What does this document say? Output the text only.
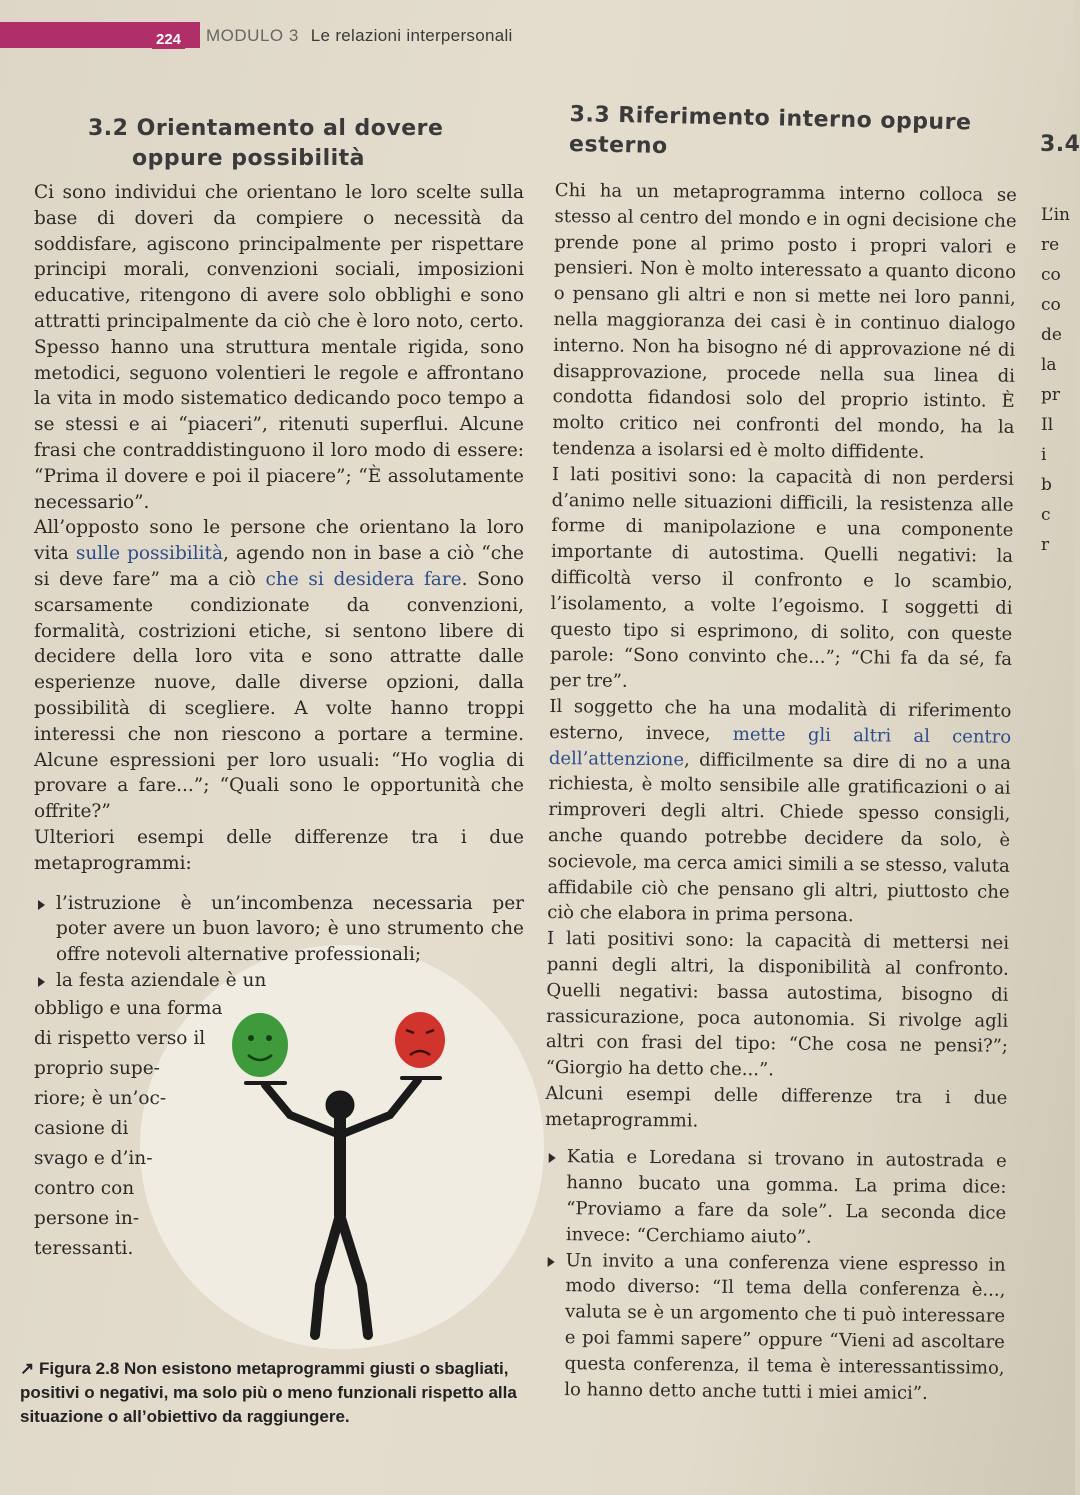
224 MODULO 3 Le relazioni interpersonali
3.2 Orientamento al dovere
oppure possibilità
3.3 Riferimento interno oppure
esterno	3.4
L’in
re
co
co
de
la
pr
Il
i
b
c
r

Ci sono individui che orientano le loro scelte sulla base di doveri da compiere o necessità da soddisfare, agiscono principalmente per rispettare principi morali, convenzioni sociali, imposizioni educative, ritengono di avere solo obblighi e sono attratti principalmente da ciò che è loro noto, certo. Spesso hanno una struttura mentale rigida, sono metodici, seguono volentieri le regole e affrontano la vita in modo sistematico dedicando poco tempo a se stessi e ai “piaceri”, ritenuti superflui. Alcune frasi che contraddistinguono il loro modo di essere: “Prima il dovere e poi il piacere”; “È assolutamente necessario”.

All’opposto sono le persone che orientano la loro vita sulle possibilità, agendo non in base a ciò “che si deve fare” ma a ciò che si desidera fare. Sono scarsamente condizionate da convenzioni, formalità, costrizioni etiche, si sentono libere di decidere della loro vita e sono attratte dalle esperienze nuove, dalle diverse opzioni, dalla possibilità di scegliere. A volte hanno troppi interessi che non riescono a portare a termine. Alcune espressioni per loro usuali: “Ho voglia di provare a fare...”; “Quali sono le opportunità che offrite?”

Ulteriori esempi delle differenze tra i due metaprogrammi:

l’istruzione è un’incombenza necessaria per poter avere un buon lavoro; è uno strumento che offre notevoli alternative professionali;
la festa aziendale è un
obbligo e una forma
di rispetto verso il
proprio supe-
riore; è un’oc-
casione di
svago e d’in-
contro con
persone in-
teressanti.

Chi ha un metaprogramma interno colloca se stesso al centro del mondo e in ogni decisione che prende pone al primo posto i propri valori e pensieri. Non è molto interessato a quanto dicono o pensano gli altri e non si mette nei loro panni, nella maggioranza dei casi è in continuo dialogo interno. Non ha bisogno né di approvazione né di disapprovazione, procede nella sua linea di condotta fidandosi solo del proprio istinto. È molto critico nei confronti del mondo, ha la tendenza a isolarsi ed è molto diffidente.

I lati positivi sono: la capacità di non perdersi d’animo nelle situazioni difficili, la resistenza alle forme di manipolazione e una componente importante di autostima. Quelli negativi: la difficoltà verso il confronto e lo scambio, l’isolamento, a volte l’egoismo. I soggetti di questo tipo si esprimono, di solito, con queste parole: “Sono convinto che...”; “Chi fa da sé, fa per tre”.

Il soggetto che ha una modalità di riferimento esterno, invece, mette gli altri al centro dell’attenzione, difficilmente sa dire di no a una richiesta, è molto sensibile alle gratificazioni o ai rimproveri degli altri. Chiede spesso consigli, anche quando potrebbe decidere da solo, è socievole, ma cerca amici simili a se stesso, valuta affidabile ciò che pensano gli altri, piuttosto che ciò che elabora in prima persona.

I lati positivi sono: la capacità di mettersi nei panni degli altri, la disponibilità al confronto. Quelli negativi: bassa autostima, bisogno di rassicurazione, poca autonomia. Si rivolge agli altri con frasi del tipo: “Che cosa ne pensi?”; “Giorgio ha detto che...”.

Alcuni esempi delle differenze tra i due metaprogrammi.

Katia e Loredana si trovano in autostrada e hanno bucato una gomma. La prima dice: “Proviamo a fare da sole”. La seconda dice invece: “Cerchiamo aiuto”.
Un invito a una conferenza viene espresso in modo diverso: “Il tema della conferenza è..., valuta se è un argomento che ti può interessare e poi fammi sapere” oppure “Vieni ad ascoltare questa conferenza, il tema è interessantissimo, lo hanno detto anche tutti i miei amici”.
↗ Figura 2.8 Non esistono metaprogrammi giusti o sbagliati, positivi o negativi, ma solo più o meno funzionali rispetto alla situazione o all’obiettivo da raggiungere.
